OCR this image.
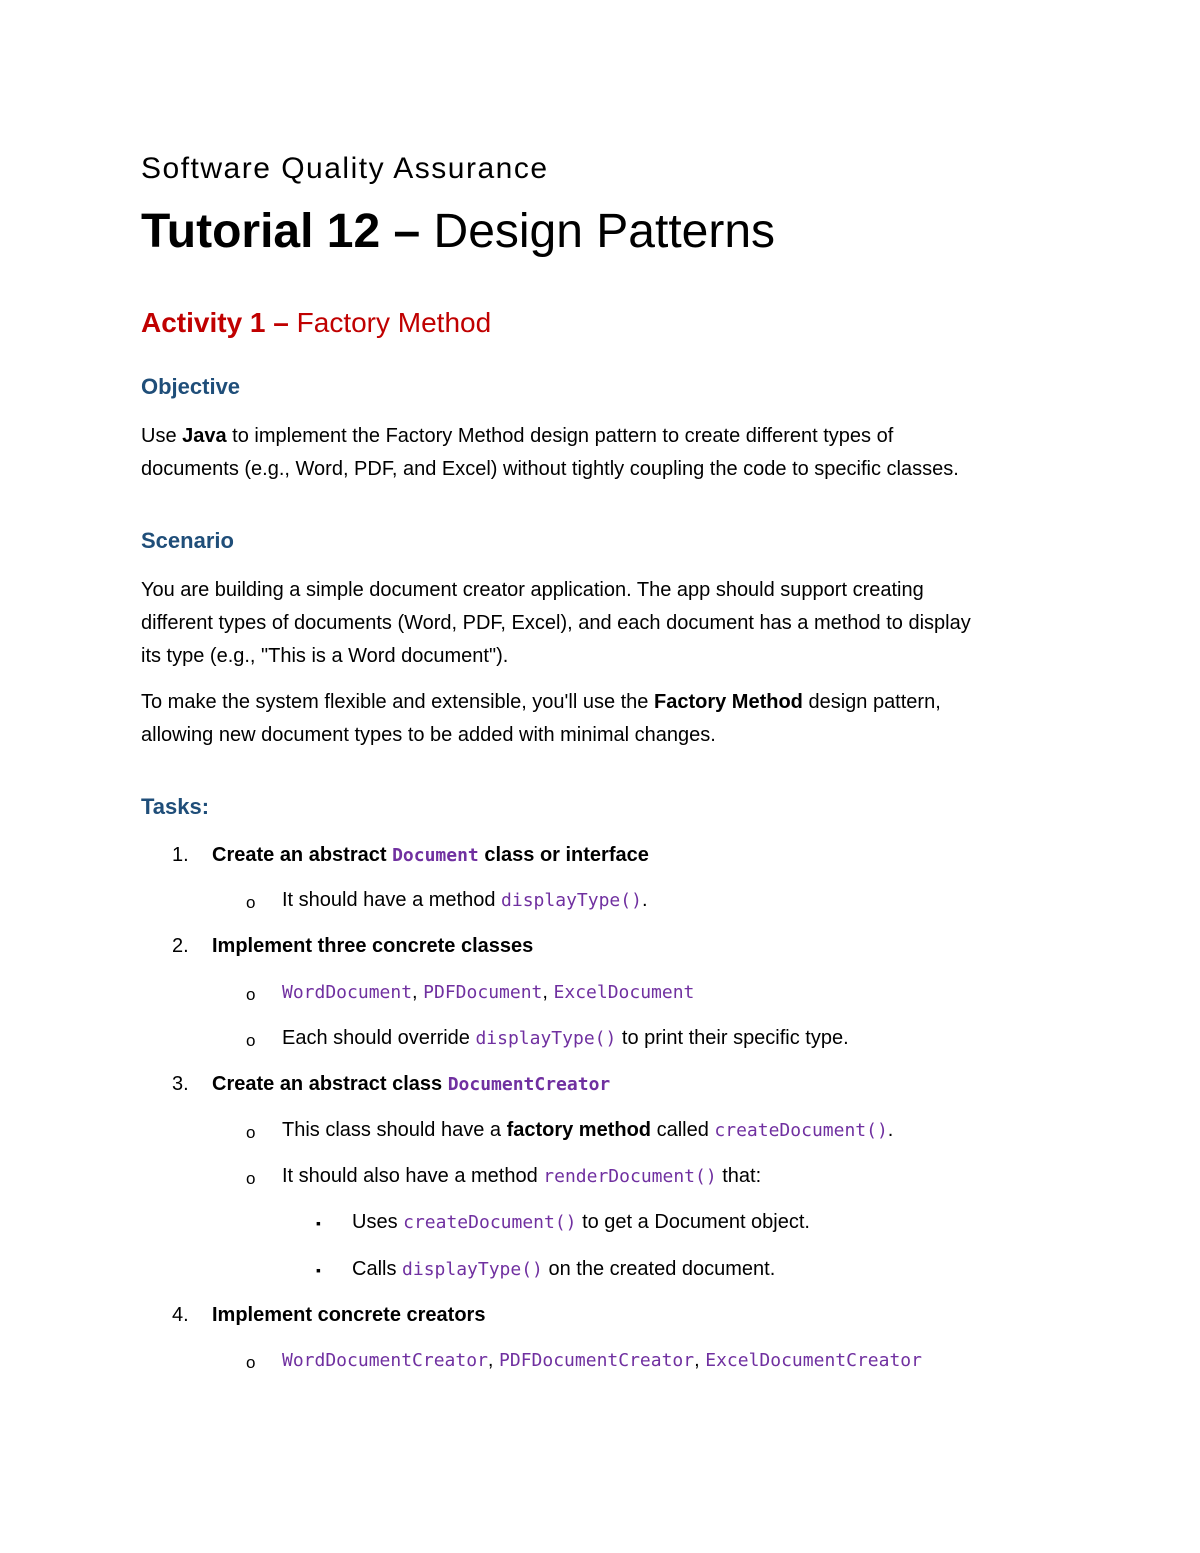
Software Quality Assurance
Tutorial 12 – Design Patterns
Activity 1 – Factory Method
Objective
Use Java to implement the Factory Method design pattern to create different types of
documents (e.g., Word, PDF, and Excel) without tightly coupling the code to specific classes.
Scenario
You are building a simple document creator application. The app should support creating
different types of documents (Word, PDF, Excel), and each document has a method to display
its type (e.g., "This is a Word document").
To make the system flexible and extensible, you'll use the Factory Method design pattern,
allowing new document types to be added with minimal changes.
Tasks:
1. Create an abstract Document class or interface
o It should have a method displayType().
2. Implement three concrete classes
o WordDocument, PDFDocument, ExcelDocument
o Each should override displayType() to print their specific type.
3. Create an abstract class DocumentCreator
o This class should have a factory method called createDocument().
o It should also have a method renderDocument() that:
▪ Uses createDocument() to get a Document object.
▪ Calls displayType() on the created document.
4. Implement concrete creators
o WordDocumentCreator, PDFDocumentCreator, ExcelDocumentCreator
